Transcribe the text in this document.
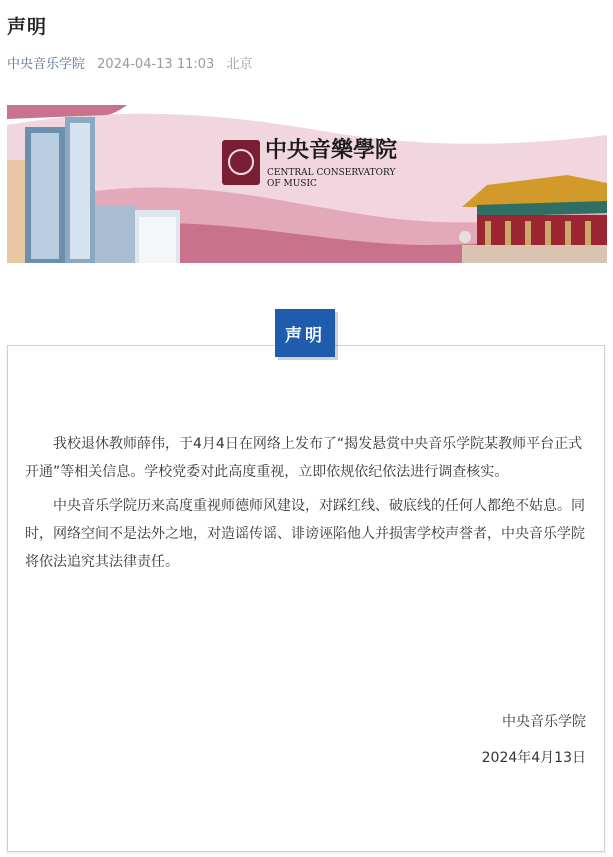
声明
中央音乐学院 2024-04-13 11:03 北京
中央音樂學院
CENTRAL CONSERVATORY
OF MUSIC
声明

我校退休教师薛伟，于4月4日在网络上发布了“揭发悬赏中央音乐学院某教师平台正式开通”等相关信息。学校党委对此高度重视，立即依规依纪依法进行调查核实。

中央音乐学院历来高度重视师德师风建设，对踩红线、破底线的任何人都绝不姑息。同时，网络空间不是法外之地，对造谣传谣、诽谤诬陷他人并损害学校声誉者，中央音乐学院将依法追究其法律责任。

中央音乐学院
2024年4月13日
